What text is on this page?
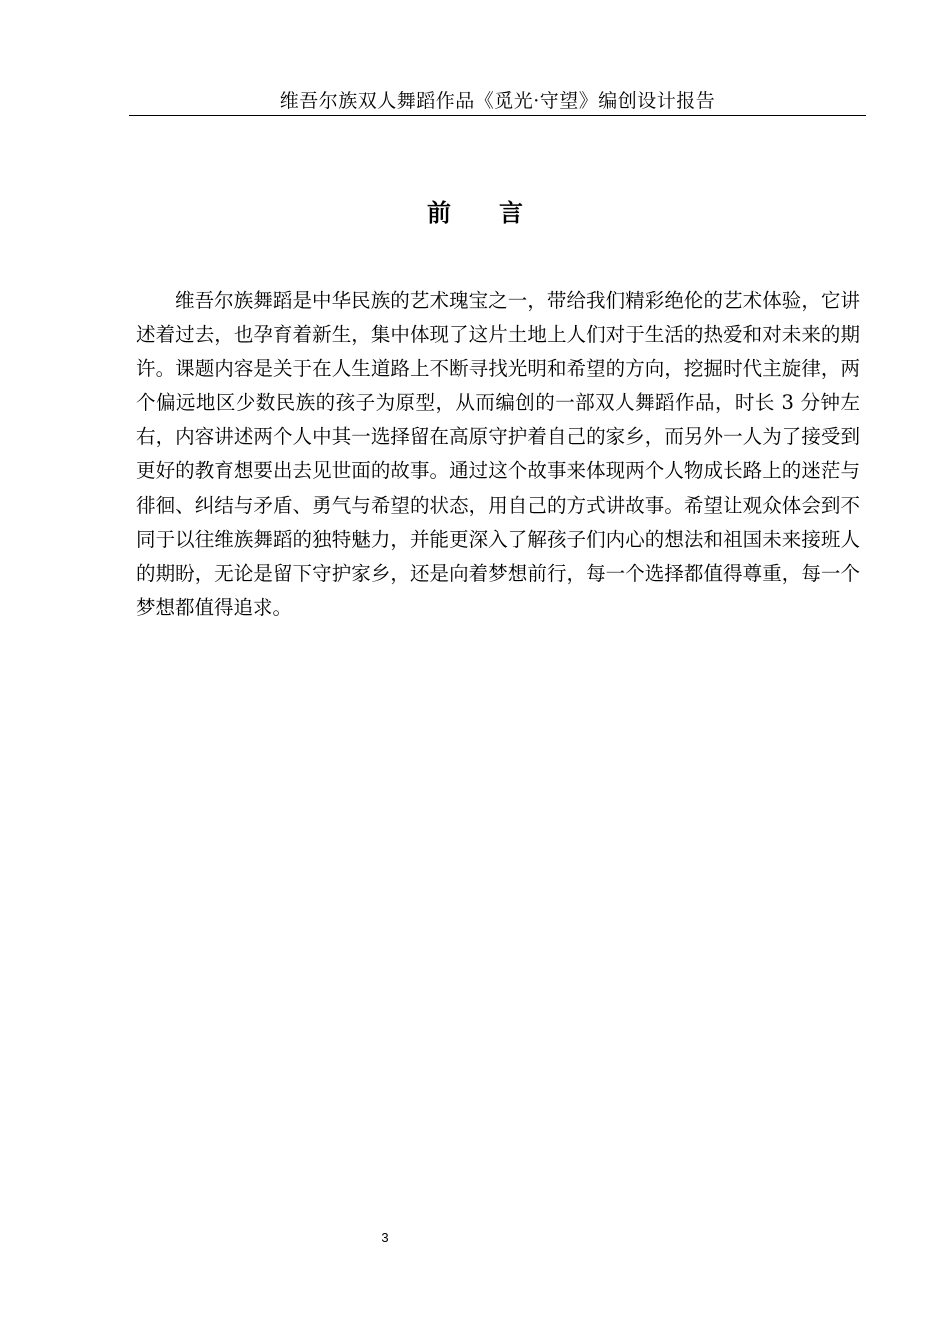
维吾尔族双人舞蹈作品《觅光·守望》编创设计报告
前言
维吾尔族舞蹈是中华民族的艺术瑰宝之一，带给我们精彩绝伦的艺术体验，它讲
述着过去，也孕育着新生，集中体现了这片土地上人们对于生活的热爱和对未来的期
许。课题内容是关于在人生道路上不断寻找光明和希望的方向，挖掘时代主旋律，两
个偏远地区少数民族的孩子为原型，从而编创的一部双人舞蹈作品，时长 3 分钟左
右，内容讲述两个人中其一选择留在高原守护着自己的家乡，而另外一人为了接受到
更好的教育想要出去见世面的故事。通过这个故事来体现两个人物成长路上的迷茫与
徘徊、纠结与矛盾、勇气与希望的状态，用自己的方式讲故事。希望让观众体会到不
同于以往维族舞蹈的独特魅力，并能更深入了解孩子们内心的想法和祖国未来接班人
的期盼，无论是留下守护家乡，还是向着梦想前行，每一个选择都值得尊重，每一个
梦想都值得追求。
3
